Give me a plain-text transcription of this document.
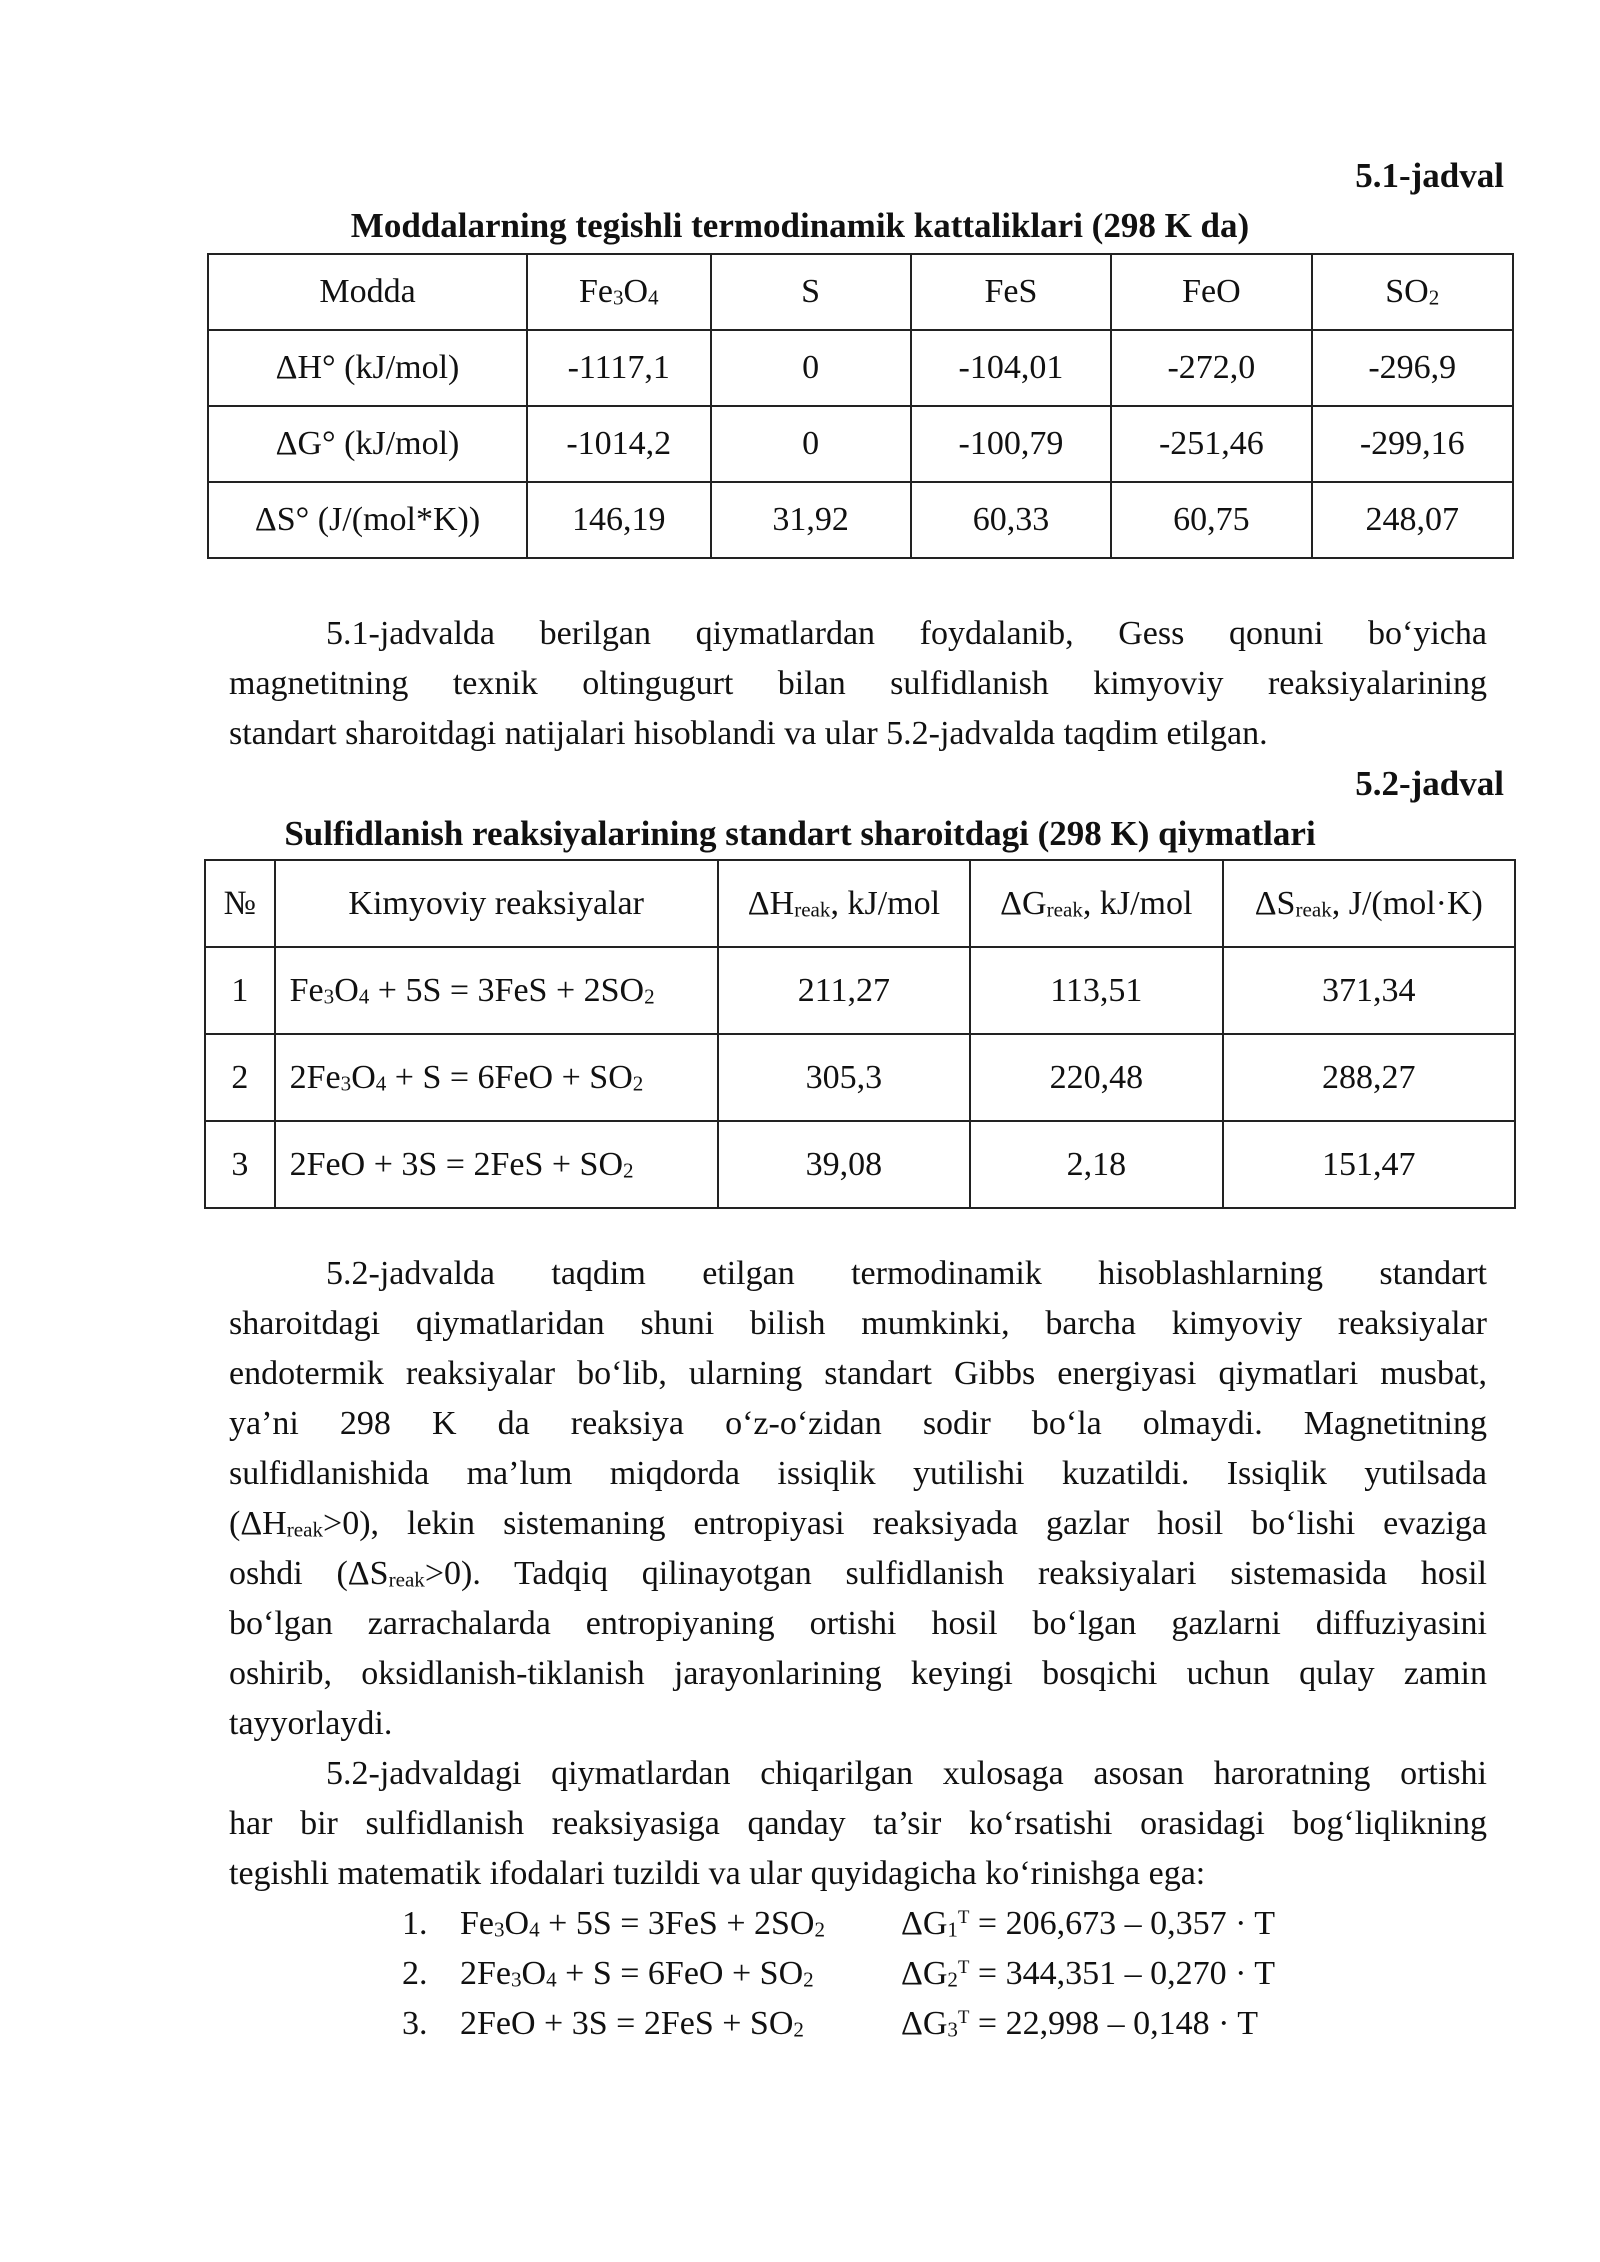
5.1-jadval
Moddalarning tegishli termodinamik kattaliklari (298 K da)
Modda	$Fe_3O_4$	S	FeS	FeO	$SO_2$
ΔH° (kJ/mol)	-1117,1	0	-104,01	-272,0	-296,9
ΔG° (kJ/mol)	-1014,2	0	-100,79	-251,46	-299,16
ΔS° (J/(mol*K))	146,19	31,92	60,33	60,75	248,07
5.1-jadvalda berilgan qiymatlardan foydalanib, Gess qonuni bo‘yicha
magnetitning texnik oltingugurt bilan sulfidlanish kimyoviy reaksiyalarining
standart sharoitdagi natijalari hisoblandi va ular 5.2-jadvalda taqdim etilgan.
5.2-jadval
Sulfidlanish reaksiyalarining standart sharoitdagi (298 K) qiymatlari
№	Kimyoviy reaksiyalar	$\Delta H_{reak}$, kJ/mol	$\Delta G_{reak}$, kJ/mol	$\Delta S_{reak}$, J/(mol·K)
1	$Fe_3O_4 + 5S = 3FeS + 2SO_2$	211,27	113,51	371,34
2	$2Fe_3O_4 + S = 6FeO + SO_2$	305,3	220,48	288,27
3	$2FeO + 3S = 2FeS + SO_2$	39,08	2,18	151,47
5.2-jadvalda taqdim etilgan termodinamik hisoblashlarning standart
sharoitdagi qiymatlaridan shuni bilish mumkinki, barcha kimyoviy reaksiyalar
endotermik reaksiyalar bo‘lib, ularning standart Gibbs energiyasi qiymatlari musbat,
ya’ni 298 K da reaksiya o‘z-o‘zidan sodir bo‘la olmaydi. Magnetitning
sulfidlanishida ma’lum miqdorda issiqlik yutilishi kuzatildi. Issiqlik yutilsada
$(\Delta H_{reak}>0)$, lekin sistemaning entropiyasi reaksiyada gazlar hosil bo‘lishi evaziga
oshdi $(\Delta S_{reak}>0)$. Tadqiq qilinayotgan sulfidlanish reaksiyalari sistemasida hosil
bo‘lgan zarrachalarda entropiyaning ortishi hosil bo‘lgan gazlarni diffuziyasini
oshirib, oksidlanish-tiklanish jarayonlarining keyingi bosqichi uchun qulay zamin
tayyorlaydi.
5.2-jadvaldagi qiymatlardan chiqarilgan xulosaga asosan haroratning ortishi
har bir sulfidlanish reaksiyasiga qanday ta’sir ko‘rsatishi orasidagi bog‘liqlikning
tegishli matematik ifodalari tuzildi va ular quyidagicha ko‘rinishga ega:
1. $Fe_3O_4 + 5S = 3FeS + 2SO_2$	$\Delta G_1^T = 206,673 - 0,357 \cdot T$
2. $2Fe_3O_4 + S = 6FeO + SO_2$	$\Delta G_2^T = 344,351 - 0,270 \cdot T$
3. $2FeO + 3S = 2FeS + SO_2$	$\Delta G_3^T = 22,998 - 0,148 \cdot T$
